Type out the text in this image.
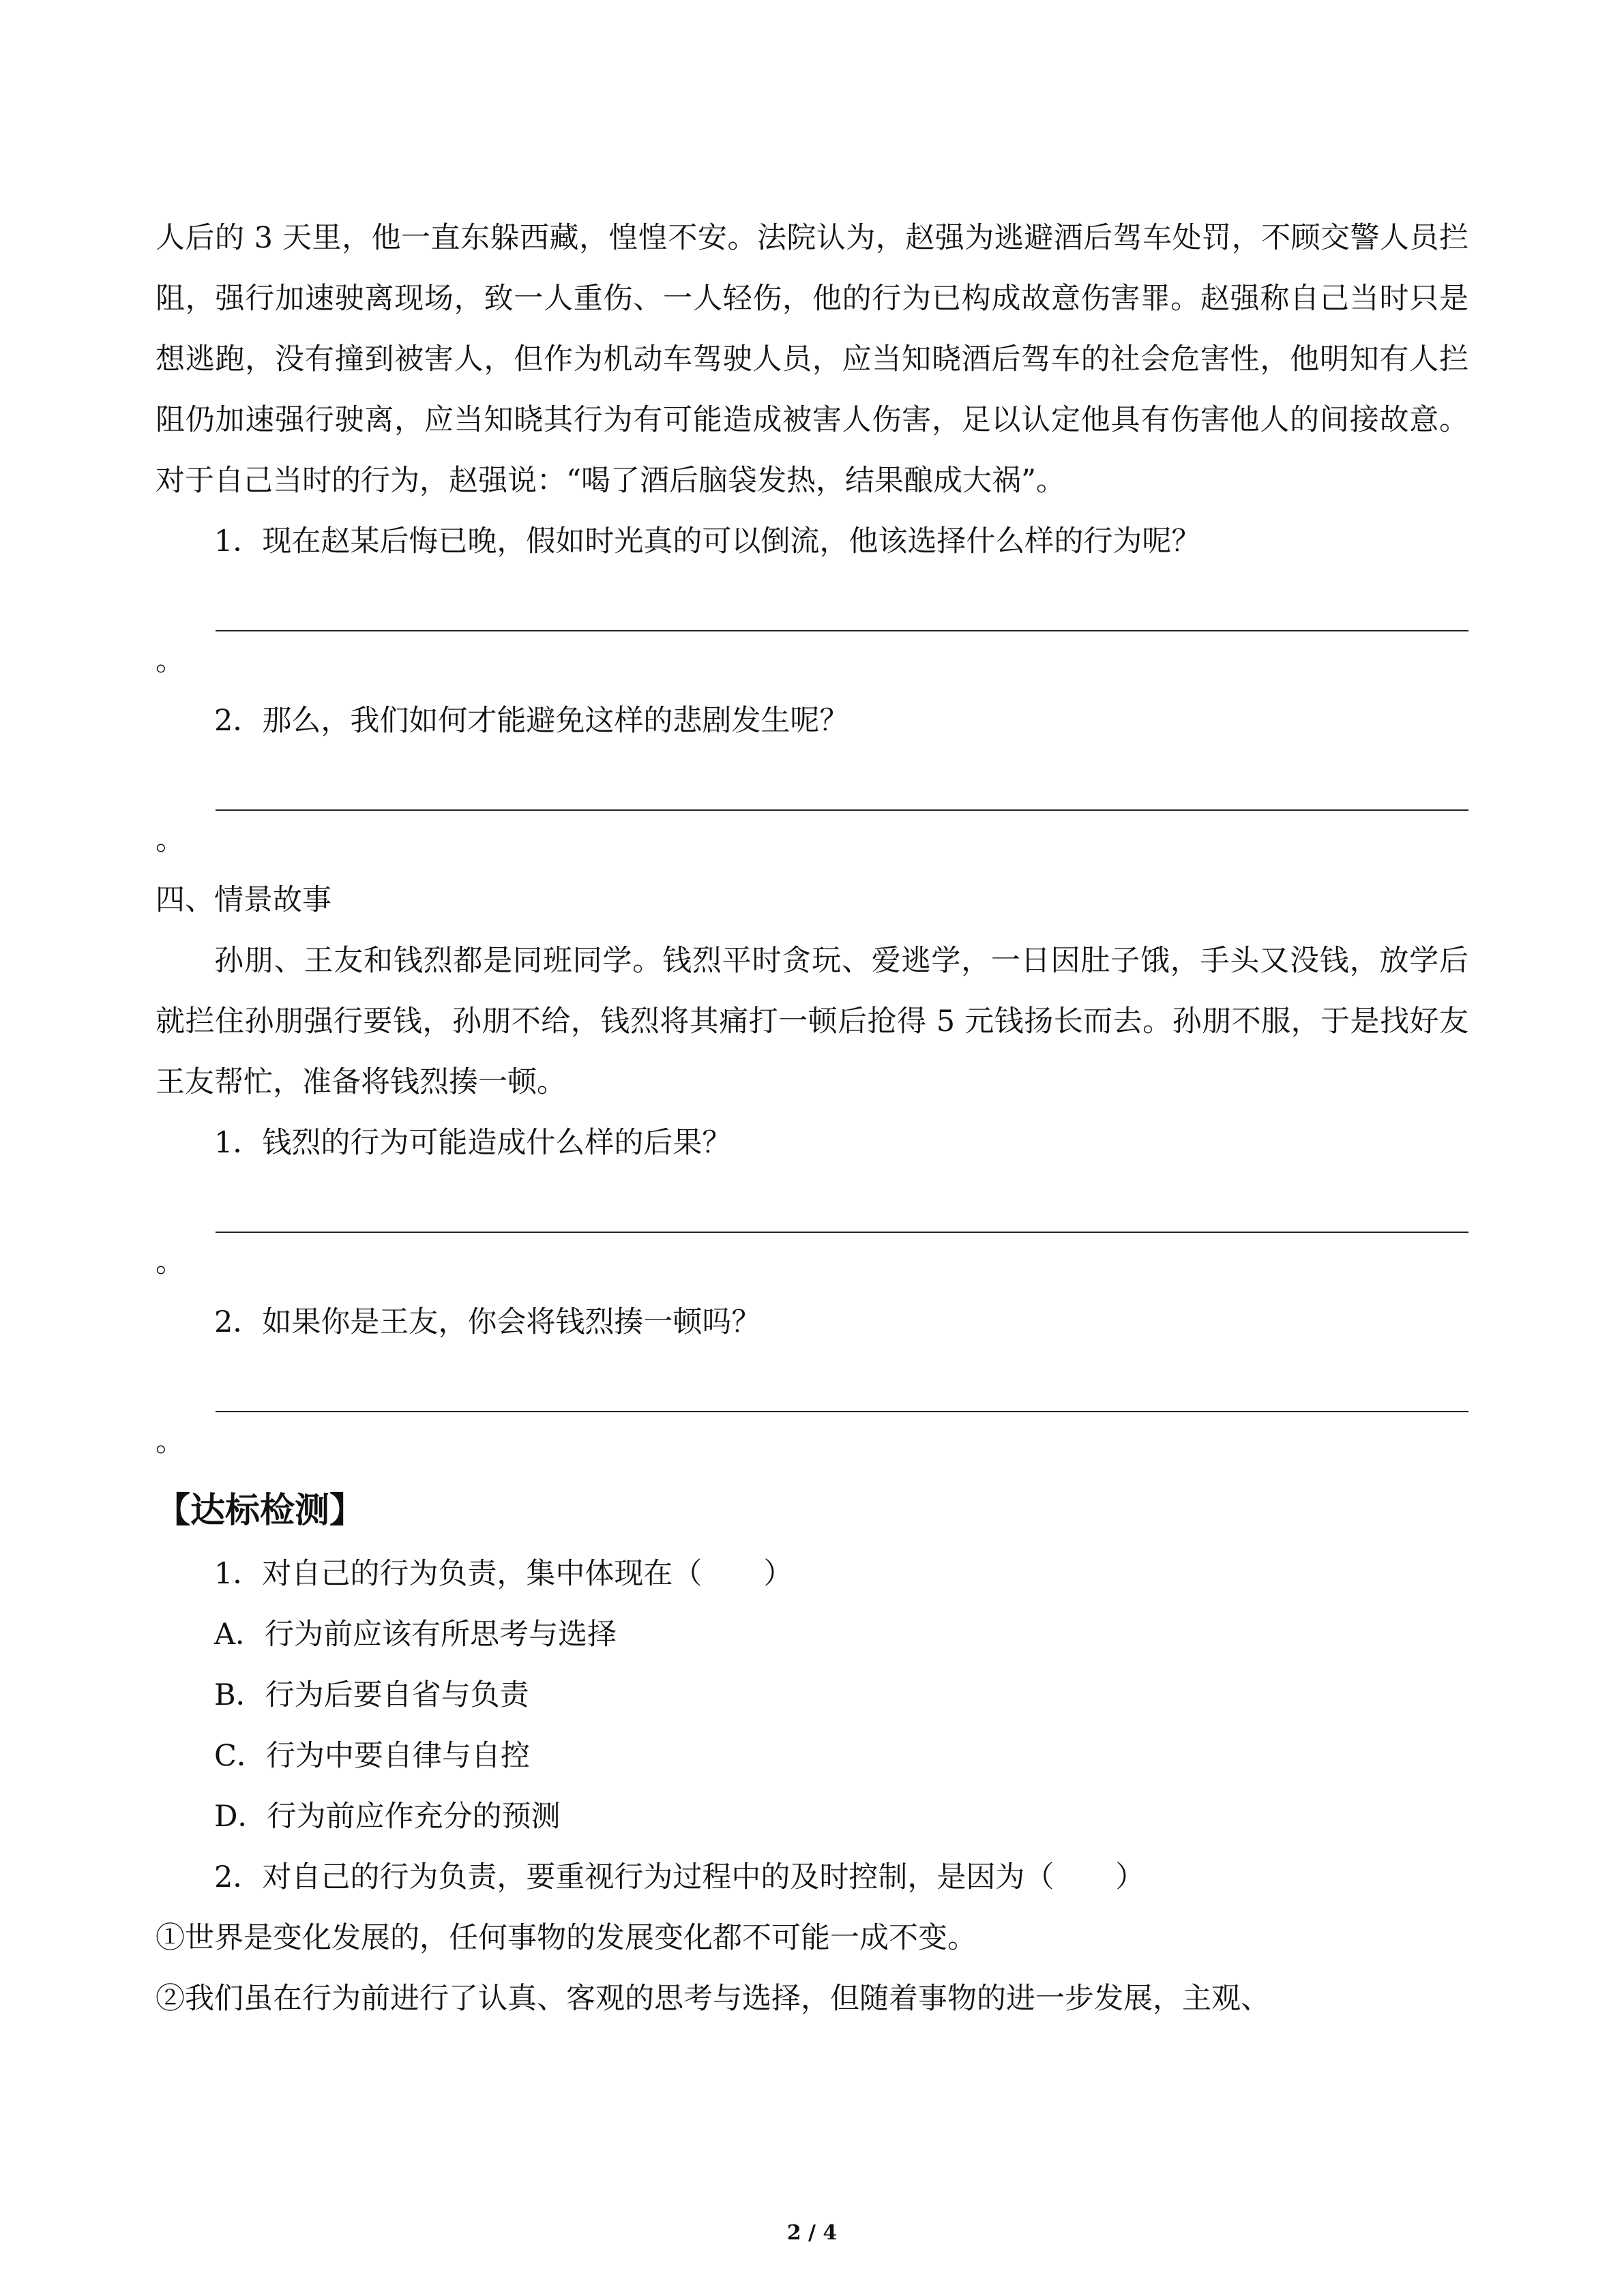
人后的 3 天里，他一直东躲西藏，惶惶不安。法院认为，赵强为逃避酒后驾车处罚，不顾交警人员拦阻，强行加速驶离现场，致一人重伤、一人轻伤，他的行为已构成故意伤害罪。赵强称自己当时只是想逃跑，没有撞到被害人，但作为机动车驾驶人员，应当知晓酒后驾车的社会危害性，他明知有人拦阻仍加速强行驶离，应当知晓其行为有可能造成被害人伤害，足以认定他具有伤害他人的间接故意。对于自己当时的行为，赵强说：“喝了酒后脑袋发热，结果酿成大祸”。

1．现在赵某后悔已晚，假如时光真的可以倒流，他该选择什么样的行为呢？

。

2．那么，我们如何才能避免这样的悲剧发生呢？

。

四、情景故事

孙朋、王友和钱烈都是同班同学。钱烈平时贪玩、爱逃学，一日因肚子饿，手头又没钱，放学后就拦住孙朋强行要钱，孙朋不给，钱烈将其痛打一顿后抢得 5 元钱扬长而去。孙朋不服，于是找好友王友帮忙，准备将钱烈揍一顿。

1．钱烈的行为可能造成什么样的后果？

。

2．如果你是王友，你会将钱烈揍一顿吗？

。
【达标检测】

1．对自己的行为负责，集中体现在（ ）

A．行为前应该有所思考与选择

B．行为后要自省与负责

C．行为中要自律与自控

D．行为前应作充分的预测

2．对自己的行为负责，要重视行为过程中的及时控制，是因为（ ）

①世界是变化发展的，任何事物的发展变化都不可能一成不变。

②我们虽在行为前进行了认真、客观的思考与选择，但随着事物的进一步发展，主观、

2 / 4
